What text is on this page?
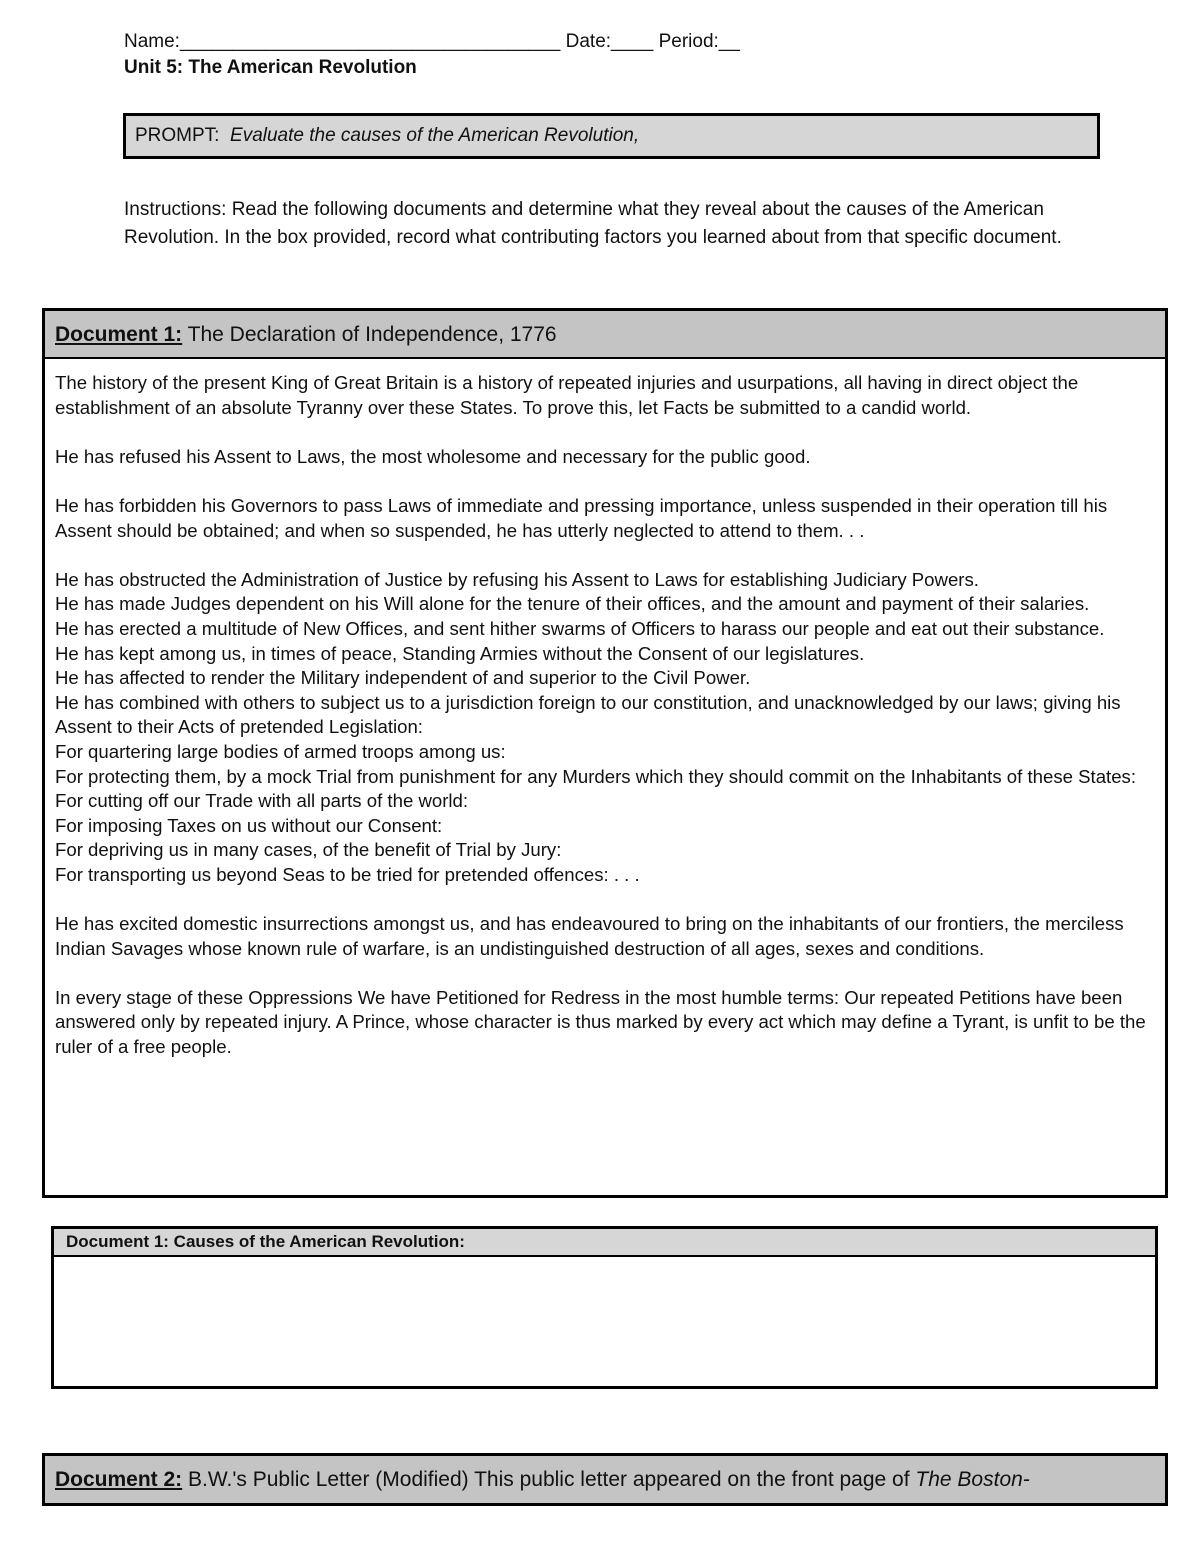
Name:____________________________________ Date:____ Period:__
Unit 5: The American Revolution
PROMPT: Evaluate the causes of the American Revolution,
Instructions: Read the following documents and determine what they reveal about the causes of the American Revolution. In the box provided, record what contributing factors you learned about from that specific document.
Document 1: The Declaration of Independence, 1776

The history of the present King of Great Britain is a history of repeated injuries and usurpations, all having in direct object the establishment of an absolute Tyranny over these States. To prove this, let Facts be submitted to a candid world.

He has refused his Assent to Laws, the most wholesome and necessary for the public good.

He has forbidden his Governors to pass Laws of immediate and pressing importance, unless suspended in their operation till his Assent should be obtained; and when so suspended, he has utterly neglected to attend to them. . .

He has obstructed the Administration of Justice by refusing his Assent to Laws for establishing Judiciary Powers.
He has made Judges dependent on his Will alone for the tenure of their offices, and the amount and payment of their salaries.
He has erected a multitude of New Offices, and sent hither swarms of Officers to harass our people and eat out their substance.
He has kept among us, in times of peace, Standing Armies without the Consent of our legislatures.
He has affected to render the Military independent of and superior to the Civil Power.
He has combined with others to subject us to a jurisdiction foreign to our constitution, and unacknowledged by our laws; giving his Assent to their Acts of pretended Legislation:
For quartering large bodies of armed troops among us:
For protecting them, by a mock Trial from punishment for any Murders which they should commit on the Inhabitants of these States:
For cutting off our Trade with all parts of the world:
For imposing Taxes on us without our Consent:
For depriving us in many cases, of the benefit of Trial by Jury:
For transporting us beyond Seas to be tried for pretended offences: . . .

He has excited domestic insurrections amongst us, and has endeavoured to bring on the inhabitants of our frontiers, the merciless Indian Savages whose known rule of warfare, is an undistinguished destruction of all ages, sexes and conditions.

In every stage of these Oppressions We have Petitioned for Redress in the most humble terms: Our repeated Petitions have been answered only by repeated injury. A Prince, whose character is thus marked by every act which may define a Tyrant, is unfit to be the ruler of a free people.

Document 1: Causes of the American Revolution:
Document 2: B.W.'s Public Letter (Modified) This public letter appeared on the front page of The Boston-
